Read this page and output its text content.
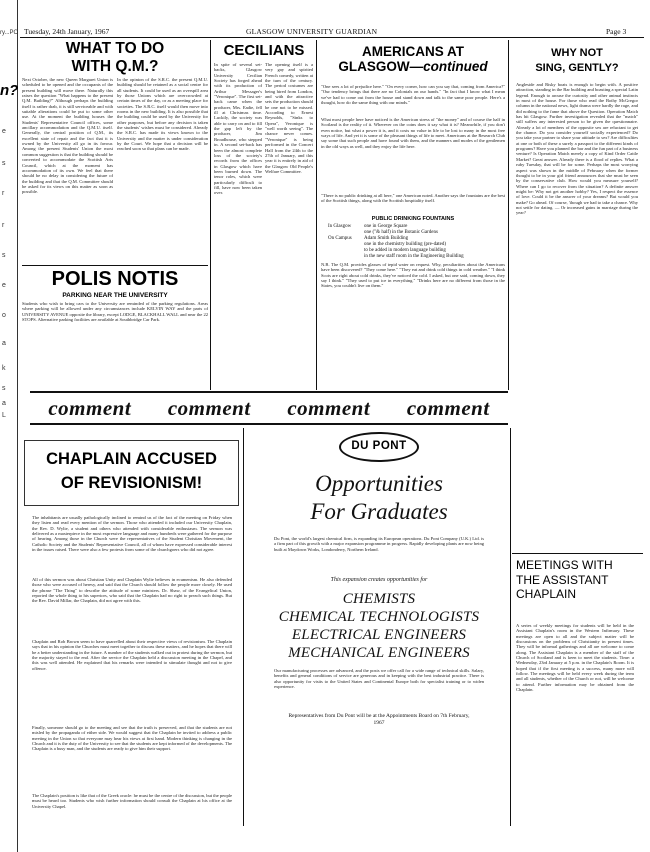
ry...PO
n?
e
s
r
r
s
e
o
a
k
s
a
L
Tuesday, 24th January, 1967	GLASGOW UNIVERSITY GUARDIAN	Page 3
WHAT TO DO
WITH Q.M.?
Next October, the new Queen Margaret Union is scheduled to be opened and the occupants of the present building will move there. Naturally this raises the question "What happens to the present Q.M. Building?" Although perhaps the building itself is rather drab, it is still serviceable and with suitable alterations could be put to some other use. At the moment the building houses the Students' Representative Council offices, some ancillary accommodation and the Q.M.U. itself. Generally, the central position of Q.M., its excellent state of repair and the fact that it is owned by the University all go in its favour. Among the present Students' Union the most common suggestion is that the building should be converted to accommodate the Scottish Arts Council, which at the moment has accommodation of its own. We feel that there should be no delay in considering the future of the building and that the Q.M. Committee should be asked for its views on this matter as soon as possible.
In the opinion of the S.R.C. the present Q.M.U. building should be retained as a social centre for all students. It could be used as an overspill area by those Unions which are overcrowded at certain times of the day, or as a meeting place for societies. The S.R.C. itself would then move into rooms in the new building. It is also possible that the building could be used by the University for other purposes, but before any decision is taken the students' wishes must be considered. Already the S.R.C. has made its views known to the University and the matter is under consideration by the Court. We hope that a decision will be reached soon so that plans can be made.
POLIS NOTIS
PARKING NEAR THE UNIVERSITY
Students who wish to bring cars to the University are reminded of the parking regulations. Areas where parking will be allowed under any circumstances include KELVIN WAY and the parts of UNIVERSITY AVENUE opposite the library, except LODGE, BLACKHALL WALL and near the 22 STOPS. Alternative parking facilities are available at Southbridge Car Park.
CECILIANS
In spite of several set-backs, Glasgow University Cecilian Society has forged ahead with its production of Arthur Messager's "Veronique". The first set-back came when the producer, Mrs. Eadie, fell ill at Christmas time. Luckily, the society was able to carry on and to fill the gap left by the producer, Jim Broadhouse, who stepped in. A second set-back has been the almost complete loss of the society's records from the offices in Glasgow which have been burned down. The tenor roles, which were particularly difficult to fill, have now been taken over.
The opening itself is a very gay and spirited French comedy, written at the turn of the century. The period costumes are being hired from London, and with the attractive sets the production should be one not to be missed. According to Ernest Reynolds, "Sinks to Opera", Veronique is "well worth seeing". The chance never comes. "Veronique" is being performed in the Concert Hall from the 24th to the 27th of January, and this year it is entirely in aid of the Glasgow Old People's Welfare Committee.
AMERICANS AT
GLASGOW—continued
"One sees a lot of prejudice here." "On every corner, how can you say that, coming from America?" "Our tendency brings that there are no Colonials on our hands." "In fact that I know what I mean we've had to come out from the house and stand down and talk to the same poor people. Here's a thought, how do the same thing with our minds."
What most people here have noticed is the American stress of "the money" and of course the half in Scotland is the reality of it. Wherever on the coins does it say what it is? Meanwhile, if you don't even notice, but what a power it is, and it costs no value in life to be lost to many in the most free ways of life. And yet it is some of the pleasant things of life to meet. Americans at the Research Club say some that such people and have found with them, and the manners and modes of the gentlemen in the old ways as well, and they enjoy the life here.
"There is no public drinking at all here," one American noted. Another says the fountains are the best of the Scottish things, along with the Scottish hospitality itself.
PUBLIC DRINKING FOUNTAINS
In Glasgow	one in George Square
one ("& half) in the Botanic Gardens
On Campus Adam Smith Building
one in the chemistry building (pre-dated)
to be added in modern language building
in the new staff room in the Engineering Building
N.B. The Q.M. provides glasses of tepid water on request. Why, peculiarities about the Americans have been discovered? "They come here." "They eat and drink cold things in cold weather." "I think Scots are right about cold drinks, they've noticed the cold. I asked, but one said, coming down, they say I think." "They used to put ice in everything." "Drinks here are no different from those in the States, you couldn't live on them."
WHY NOT
SING, GENTLY?
Angleside and Risky boats is enough to begin with. A positive attraction, standing in the Bar building and boasting a special Latin legend. Enough to arouse the curiosity and other animal instincts in most of the house. For those who read the Bothy McGregor column in the national news, light drama were hardly the rage, and did nothing to the fame that above the Question. Operation Match has hit Glasgow. Further investigation revealed that the "match" still suffers any interested person to be given the questionnaire. Already a lot of members of the opposite sex are reluctant to get the chance. Do you consider yourself socially experienced? Do you take your partner to share your attitude to sex? Are difficulties at one or both of these a surely a passport to the different kinds of programs? Have you planned the bar and the fun part of a business venture? Is Operation Match merely a copy of Kind Order Cattle Market? Great answer. Already there is a flood of replies. What a ruby Tuesday, that will be for some. Perhaps the most worrying aspect was shown in the middle of February when the former thought to be in your girl friend announces that she must be seen by the conservative club. How would you measure yourself? Where can I go to recover from the situation? A definite answer might be: Why not get another hobby? Yes, I respect the essence of love. Could it be the answer of your dreams? But would you make? Go ahead. Of course, 'though we had to take a chance. Why not settle for dating. — Or increased gains in marriage during the year?
comment comment comment comment
CHAPLAIN ACCUSED
OF REVISIONISM!
The inhabitants are usually pathologically inclined to remind us of the fact of the meeting on Friday when they listen and read every mention of the sermon. Those who attended it included our University Chaplain, the Rev. D. Wylie, a student and others who attended with considerable enthusiasm. The sermon was delivered as a masterpiece in the most expressive language and many hundreds were gathered for the purpose of hearing. Among those in the Church were the representatives of the Student Christian Movement, the Catholic Society and the Students' Representative Council, all of whom have expressed considerable interest in the issues raised. There were also a few protests from some of the churchgoers who did not agree.
All of this sermon was about Christian Unity and Chaplain Wylie believes in ecumenism. He also defended those who were accused of heresy, and said that the Church should follow the people more closely. He used the phrase "The Thing" to describe the attitude of some ministers. Dr. Shaw, of the Evangelical Union, reported the whole thing to his superiors, who said that the Chaplain had no right to preach such things. But the Rev. David Millar, the Chaplain, did not agree with this.
Chaplain and Rob Brown seem to have quarrelled about their respective views of revisionism. The Chaplain says that in his opinion the Churches must meet together to discuss these matters, and he hopes that there will be a better understanding in the future. A number of the students walked out in protest during the sermon, but the majority stayed to the end. After the service the Chaplain held a discussion meeting in the Chapel, and this was well attended. He explained that his remarks were intended to stimulate thought and not to give offence.
Finally, someone should go to the meeting and see that the truth is preserved, and that the students are not misled by the propaganda of either side. We would suggest that the Chaplain be invited to address a public meeting in the Union so that everyone may hear his views at first hand. Modern thinking is changing in the Church and it is the duty of the University to see that the students are kept informed of the developments. The Chaplain is a busy man, and the students are ready to give him their support.
The Chaplain's position is like that of the Greek oracle: he must be the centre of the discussion, but the people must be heard too. Students who wish further information should consult the Chaplain at his office at the University Chapel.
DU PONT
Opportunities
For Graduates
Du Pont, the world's largest chemical firm, is expanding its European operations. Du Pont Company (U.K.) Ltd. is a firm part of this growth with a major expansion programme in progress. Rapidly developing plants are now being built at Maydown Works, Londonderry, Northern Ireland.
This expansion creates opportunities for
CHEMISTS
CHEMICAL TECHNOLOGISTS
ELECTRICAL ENGINEERS
MECHANICAL ENGINEERS
Our manufacturing processes are advanced, and the posts we offer call for a wide range of technical skills. Salary, benefits and general conditions of service are generous and in keeping with the best industrial practice. There is also opportunity for visits to the United States and Continental Europe both for specialist training or to widen experience.
Representatives from Du Pont will be at the Appointments Board on 7th February, 1967
MEETINGS WITH THE ASSISTANT CHAPLAIN
A series of weekly meetings for students will be held in the Assistant Chaplain's room in the Western Infirmary. These meetings are open to all and the subject matter will be discussions on the problems of Christianity in present times. They will be informal gatherings and all are welcome to come along. The Assistant Chaplain is a member of the staff of the Church of Scotland and is keen to meet the students. Time: a Wednesday, 23rd January at 5 p.m. in the Chaplain's Room. It is hoped that if the first meeting is a success, many more will follow. The meetings will be held every week during the term and all students, whether of the Church or not, will be welcome to attend. Further information may be obtained from the Chaplain.
